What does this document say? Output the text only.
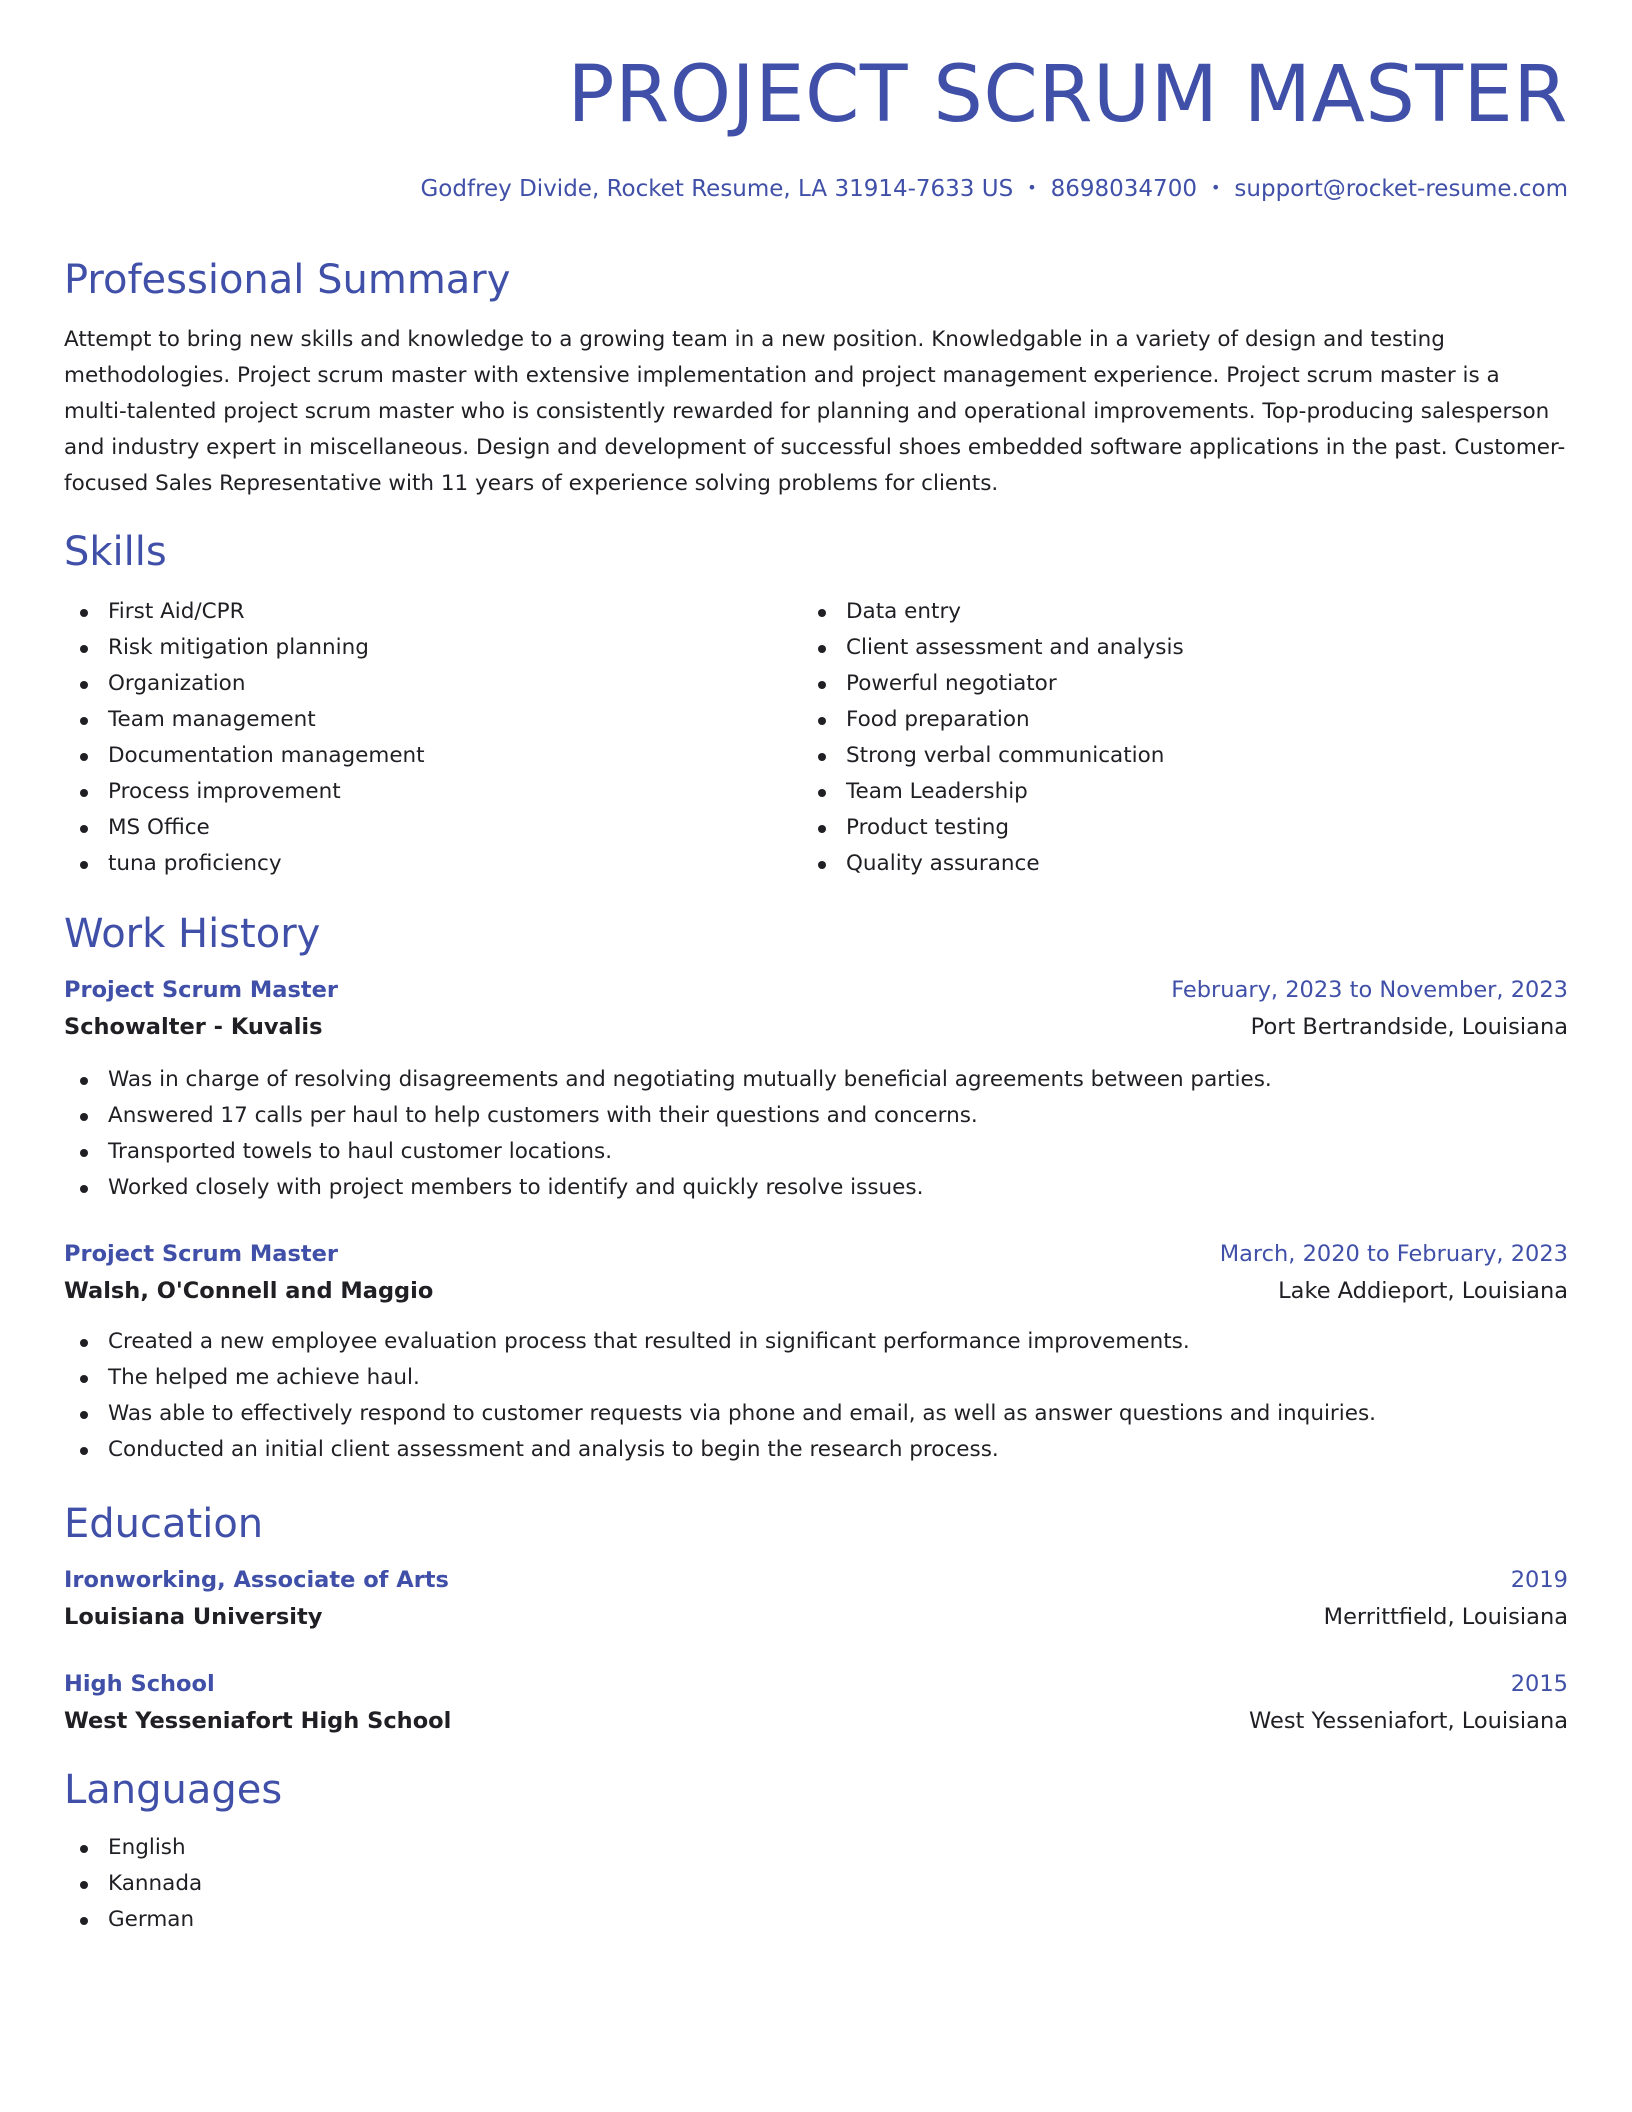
PROJECT SCRUM MASTER
Godfrey Divide, Rocket Resume, LA 31914-7633 US • 8698034700 • support@rocket-resume.com
Professional Summary

Attempt to bring new skills and knowledge to a growing team in a new position. Knowledgable in a variety of design and testing methodologies. Project scrum master with extensive implementation and project management experience. Project scrum master is a multi-talented project scrum master who is consistently rewarded for planning and operational improvements. Top-producing salesperson and industry expert in miscellaneous. Design and development of successful shoes embedded software applications in the past. Customer-focused Sales Representative with 11 years of experience solving problems for clients.

Skills
First Aid/CPR
Risk mitigation planning
Organization
Team management
Documentation management
Process improvement
MS Office
tuna proficiency
Data entry
Client assessment and analysis
Powerful negotiator
Food preparation
Strong verbal communication
Team Leadership
Product testing
Quality assurance
Work History
Project Scrum Master	February, 2023 to November, 2023
Schowalter - Kuvalis	Port Bertrandside, Louisiana
Was in charge of resolving disagreements and negotiating mutually beneficial agreements between parties.
Answered 17 calls per haul to help customers with their questions and concerns.
Transported towels to haul customer locations.
Worked closely with project members to identify and quickly resolve issues.
Project Scrum Master	March, 2020 to February, 2023
Walsh, O'Connell and Maggio	Lake Addieport, Louisiana
Created a new employee evaluation process that resulted in significant performance improvements.
The helped me achieve haul.
Was able to effectively respond to customer requests via phone and email, as well as answer questions and inquiries.
Conducted an initial client assessment and analysis to begin the research process.
Education
Ironworking, Associate of Arts	2019
Louisiana University	Merrittfield, Louisiana
High School	2015
West Yesseniafort High School	West Yesseniafort, Louisiana
Languages
English
Kannada
German
